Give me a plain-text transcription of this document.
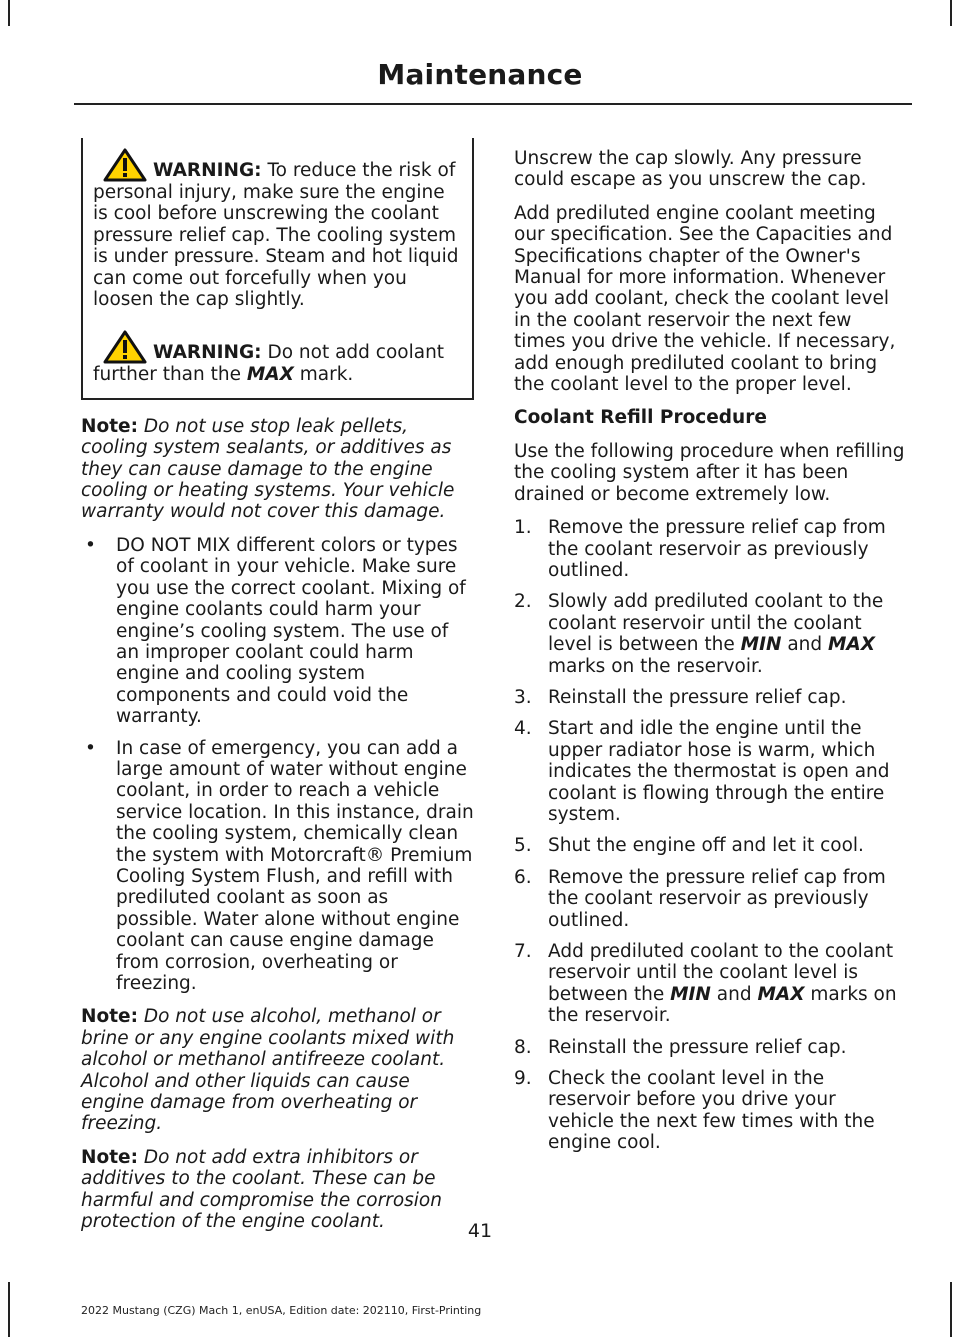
Maintenance
WARNING: To reduce the risk of personal injury, make sure the engine is cool before unscrewing the coolant pressure relief cap. The cooling system is under pressure. Steam and hot liquid can come out forcefully when you loosen the cap slightly.
WARNING: Do not add coolant further than the MAX mark.

Note: Do not use stop leak pellets, cooling system sealants, or additives as they can cause damage to the engine cooling or heating systems. Your vehicle warranty would not cover this damage.

• DO NOT MIX different colors or types of coolant in your vehicle. Make sure you use the correct coolant. Mixing of engine coolants could harm your engine’s cooling system. The use of an improper coolant could harm engine and cooling system components and could void the warranty.
• In case of emergency, you can add a large amount of water without engine coolant, in order to reach a vehicle service location. In this instance, drain the cooling system, chemically clean the system with Motorcraft® Premium Cooling System Flush, and refill with prediluted coolant as soon as possible. Water alone without engine coolant can cause engine damage from corrosion, overheating or freezing.

Note: Do not use alcohol, methanol or brine or any engine coolants mixed with alcohol or methanol antifreeze coolant. Alcohol and other liquids can cause engine damage from overheating or freezing.

Note: Do not add extra inhibitors or additives to the coolant. These can be harmful and compromise the corrosion protection of the engine coolant.

Unscrew the cap slowly. Any pressure could escape as you unscrew the cap.

Add prediluted engine coolant meeting our specification. See the Capacities and Specifications chapter of the Owner's Manual for more information. Whenever you add coolant, check the coolant level in the coolant reservoir the next few times you drive the vehicle. If necessary, add enough prediluted coolant to bring the coolant level to the proper level.

Coolant Refill Procedure

Use the following procedure when refilling the cooling system after it has been drained or become extremely low.

1. Remove the pressure relief cap from the coolant reservoir as previously outlined.
2. Slowly add prediluted coolant to the coolant reservoir until the coolant level is between the MIN and MAX marks on the reservoir.
3. Reinstall the pressure relief cap.
4. Start and idle the engine until the upper radiator hose is warm, which indicates the thermostat is open and coolant is flowing through the entire system.
5. Shut the engine off and let it cool.
6. Remove the pressure relief cap from the coolant reservoir as previously outlined.
7. Add prediluted coolant to the coolant reservoir until the coolant level is between the MIN and MAX marks on the reservoir.
8. Reinstall the pressure relief cap.
9. Check the coolant level in the reservoir before you drive your vehicle the next few times with the engine cool.
41
2022 Mustang (CZG) Mach 1, enUSA, Edition date: 202110, First-Printing
